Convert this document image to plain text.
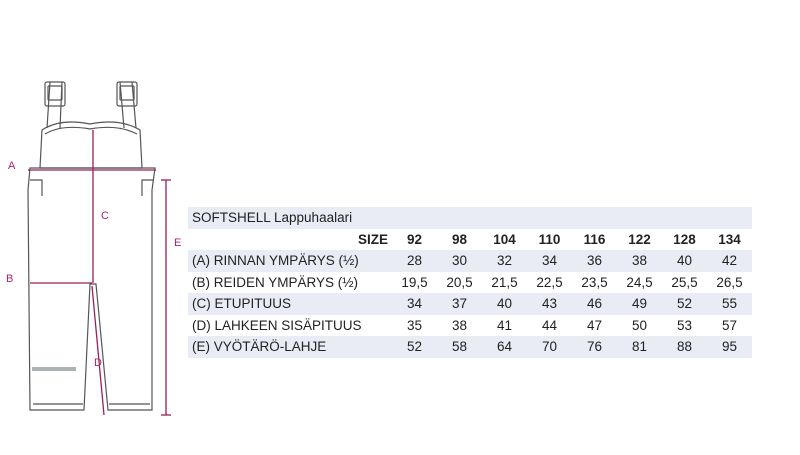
A
B
C
D
E
SOFTSHELL Lappuhaalari								
SIZE	92	98	104	110	116	122	128	134
(A) RINNAN YMPÄRYS (½)	28	30	32	34	36	38	40	42
(B) REIDEN YMPÄRYS (½)	19,5	20,5	21,5	22,5	23,5	24,5	25,5	26,5
(C) ETUPITUUS	34	37	40	43	46	49	52	55
(D) LAHKEEN SISÄPITUUS	35	38	41	44	47	50	53	57
(E) VYÖTÄRÖ-LAHJE	52	58	64	70	76	81	88	95
